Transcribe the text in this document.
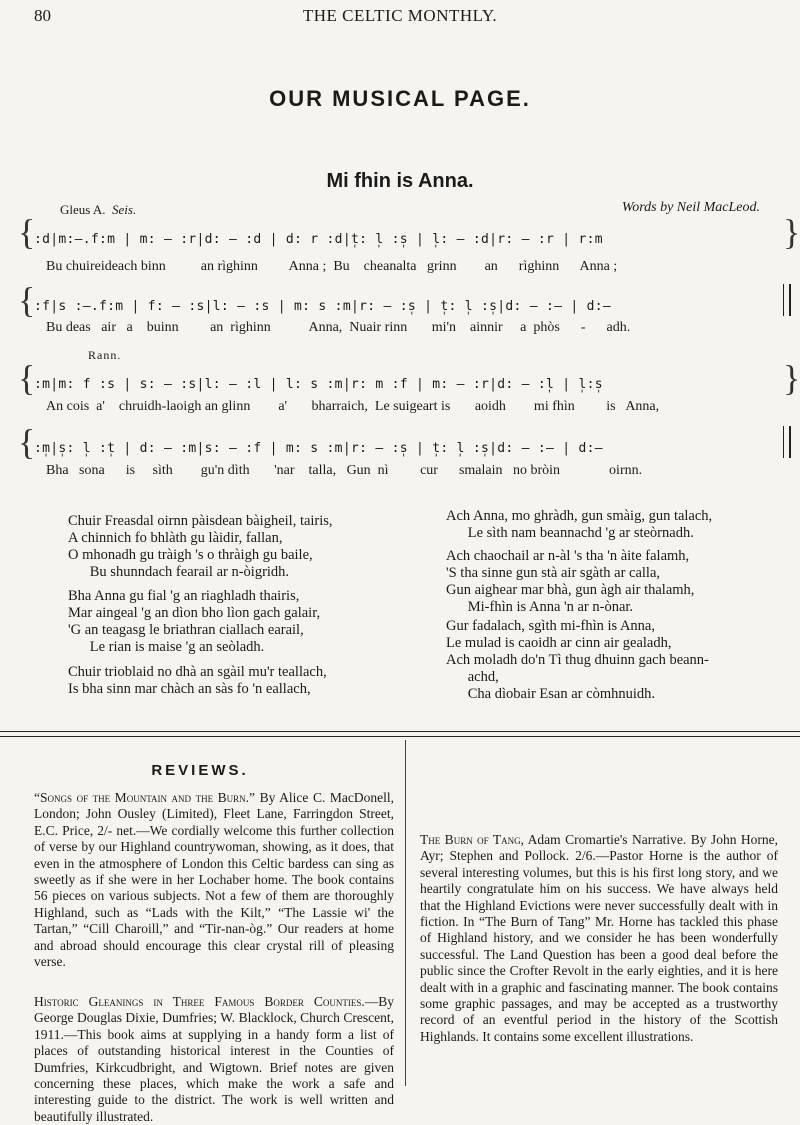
80	THE CELTIC MONTHLY.
OUR MUSICAL PAGE.
Mi fhin is Anna.
Gleus A. Seis.	Words by Neil MacLeod.
{
:d|m:—.f:m | m: — :r|d: — :d | d: r :d|t̩: l̩ :s̩ | l̩: — :d|r: — :r | r:m	}
Bu chuireideach binn          an rìghinn         Anna ;  Bu    cheanalta   grinn        an      rìghinn      Anna ;
{
:f|s :—.f:m | f: — :s|l: — :s | m: s :m|r: — :s̩ | t̩: l̩ :s̩|d: — :— | d:—
Bu deas   air   a    buinn         an  rìghinn           Anna,  Nuair rinn       mi'n    ainnir     a  phòs      -      adh.
Rann.
{
:m|m: f :s | s: — :s|l: — :l | l: s :m|r: m :f | m: — :r|d: — :l̩ | l̩:s̩	}
An cois  a'    chruidh-laoigh an glinn        a'       bharraich,  Le suigeart is       aoidh        mi fhìn         is   Anna,
{
:m̩|s̩: l̩ :t̩ | d: — :m|s: — :f | m: s :m|r: — :s̩ | t̩: l̩ :s̩|d: — :— | d:—
Bha   sona      is     sìth        gu'n dìth       'nar    talla,   Gun  nì         cur      smalain   no bròin              oirnn.
Chuir Freasdal oirnn pàisdean bàigheil, tairis,
A chinnich fo bhlàth gu làidir, fallan,
O mhonadh gu tràigh 's o thràigh gu baile,
Bu shunndach fearail ar n-òigridh.
Bha Anna gu fial 'g an riaghladh thairis,
Mar aingeal 'g an dìon bho lìon gach galair,
'G an teagasg le briathran ciallach earail,
Le rian is maise 'g an seòladh.
Chuir trioblaid no dhà an sgàil mu'r teallach,
Is bha sinn mar chàch an sàs fo 'n eallach,
Ach Anna, mo ghràdh, gun smàig, gun talach,
Le sìth nam beannachd 'g ar steòrnadh.
Ach chaochail ar n-àl 's tha 'n àite falamh,
'S tha sinne gun stà air sgàth ar calla,
Gun aighear mar bhà, gun àgh air thalamh,
Mi-fhìn is Anna 'n ar n-ònar.
Gur fadalach, sgìth mi-fhìn is Anna,
Le mulad is caoidh ar cinn air gealadh,
Ach moladh do'n Tì thug dhuinn gach beann-
achd,
Cha dìobair Esan ar còmhnuidh.
REVIEWS.
“Songs of the Mountain and the Burn.” By Alice C. MacDonell, London; John Ousley (Limited), Fleet Lane, Farringdon Street, E.C. Price, 2/- net.—We cordially welcome this further collection of verse by our Highland countrywoman, showing, as it does, that even in the atmosphere of London this Celtic bardess can sing as sweetly as if she were in her Lochaber home. The book contains 56 pieces on various subjects. Not a few of them are thoroughly Highland, such as “Lads with the Kilt,” “The Lassie wi' the Tartan,” “Cill Charoill,” and “Tir-nan-òg.” Our readers at home and abroad should encourage this clear crystal rill of pleasing verse.
Historic Gleanings in Three Famous Border Counties.—By George Douglas Dixie, Dumfries; W. Blacklock, Church Crescent, 1911.—This book aims at supplying in a handy form a list of places of outstanding historical interest in the Counties of Dumfries, Kirkcudbright, and Wigtown. Brief notes are given concerning these places, which make the work a safe and interesting guide to the district. The work is well written and beautifully illustrated.
The Burn of Tang, Adam Cromartie's Narrative. By John Horne, Ayr; Stephen and Pollock. 2/6.—Pastor Horne is the author of several interesting volumes, but this is his first long story, and we heartily congratulate him on his success. We have always held that the Highland Evictions were never successfully dealt with in fiction. In “The Burn of Tang” Mr. Horne has tackled this phase of Highland history, and we consider he has been wonderfully successful. The Land Question has been a good deal before the public since the Crofter Revolt in the early eighties, and it is here dealt with in a graphic and fascinating manner. The book contains some graphic passages, and may be accepted as a trustworthy record of an eventful period in the history of the Scottish Highlands. It contains some excellent illustrations.
